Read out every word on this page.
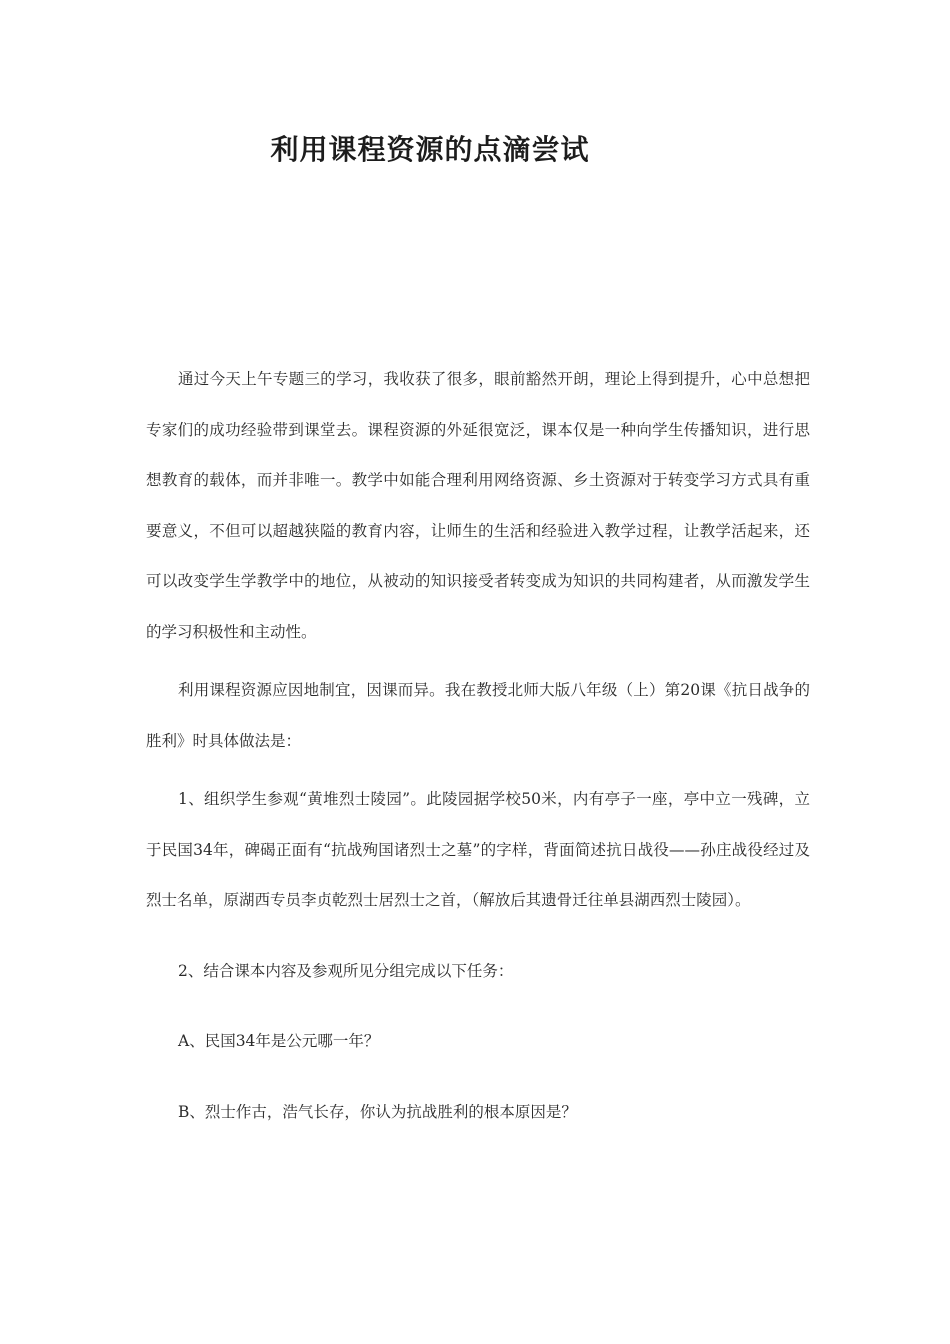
利用课程资源的点滴尝试

通过今天上午专题三的学习，我收获了很多，眼前豁然开朗，理论上得到提升，心中总想把专家们的成功经验带到课堂去。课程资源的外延很宽泛，课本仅是一种向学生传播知识，进行思想教育的载体，而并非唯一。教学中如能合理利用网络资源、乡土资源对于转变学习方式具有重要意义，不但可以超越狭隘的教育内容，让师生的生活和经验进入教学过程，让教学活起来，还可以改变学生学教学中的地位，从被动的知识接受者转变成为知识的共同构建者，从而激发学生的学习积极性和主动性。

利用课程资源应因地制宜，因课而异。我在教授北师大版八年级（上）第20课《抗日战争的胜利》时具体做法是：

1、组织学生参观“黄堆烈士陵园”。此陵园据学校50米，内有亭子一座，亭中立一残碑，立于民国34年，碑碣正面有“抗战殉国诸烈士之墓”的字样，背面简述抗日战役——孙庄战役经过及烈士名单，原湖西专员李贞乾烈士居烈士之首，（解放后其遗骨迁往单县湖西烈士陵园）。

2、结合课本内容及参观所见分组完成以下任务：

A、民国34年是公元哪一年？

B、烈士作古，浩气长存，你认为抗战胜利的根本原因是？
